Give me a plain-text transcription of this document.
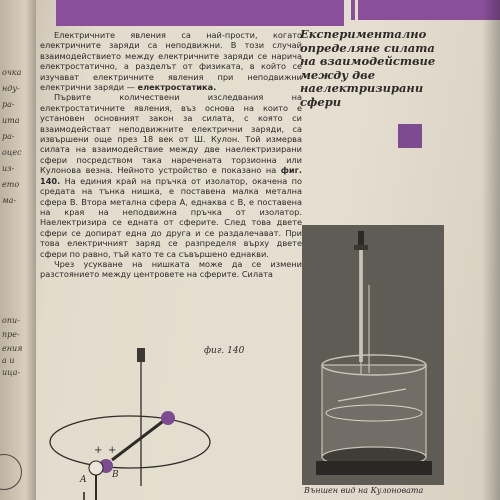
очка
нду-
ра-
ита
ра-
оцес
из-
ето
ма-
опи-
пре-
ения
а и
ица-

Електричните явления са най-прости, когато електричните заряди са неподвижни. В този случай взаимодействието между електричните заряди се нарича електростатично, а разделът от физиката, в който се изучават електричните явления при неподвижни електрични заряди — електростатика.

Първите количествени изследвания на електростатичните явления, въз основа на които е установен основният закон за силата, с която си взаимодействат неподвижните електрични заряди, са извършени още през 18 век от Ш. Кулон. Той измерва силата на взаимодействие между две наелектризирани сфери посредством така наречената торзионна или Кулонова везна. Нейното устройство е показано на фиг. 140. На единия край на пръчка от изолатор, окачена по средата на тънка нишка, е поставена малка метална сфера B. Втора метална сфера A, еднаква с B, е поставена на края на неподвижна пръчка от изолатор. Наелектризира се едната от сферите. След това двете сфери се допират една до друга и се раздалечават. При това електричният заряд се разпределя върху двете сфери по равно, тъй като те са съвършено еднакви.

Чрез усукване на нишката може да се измени разстоянието между центровете на сферите. Силата

Експериментално определяне силата на взаимодействие между две наелектризирани сфери

Външен вид на Кулоновата

фиг. 140
+ +
A	B
